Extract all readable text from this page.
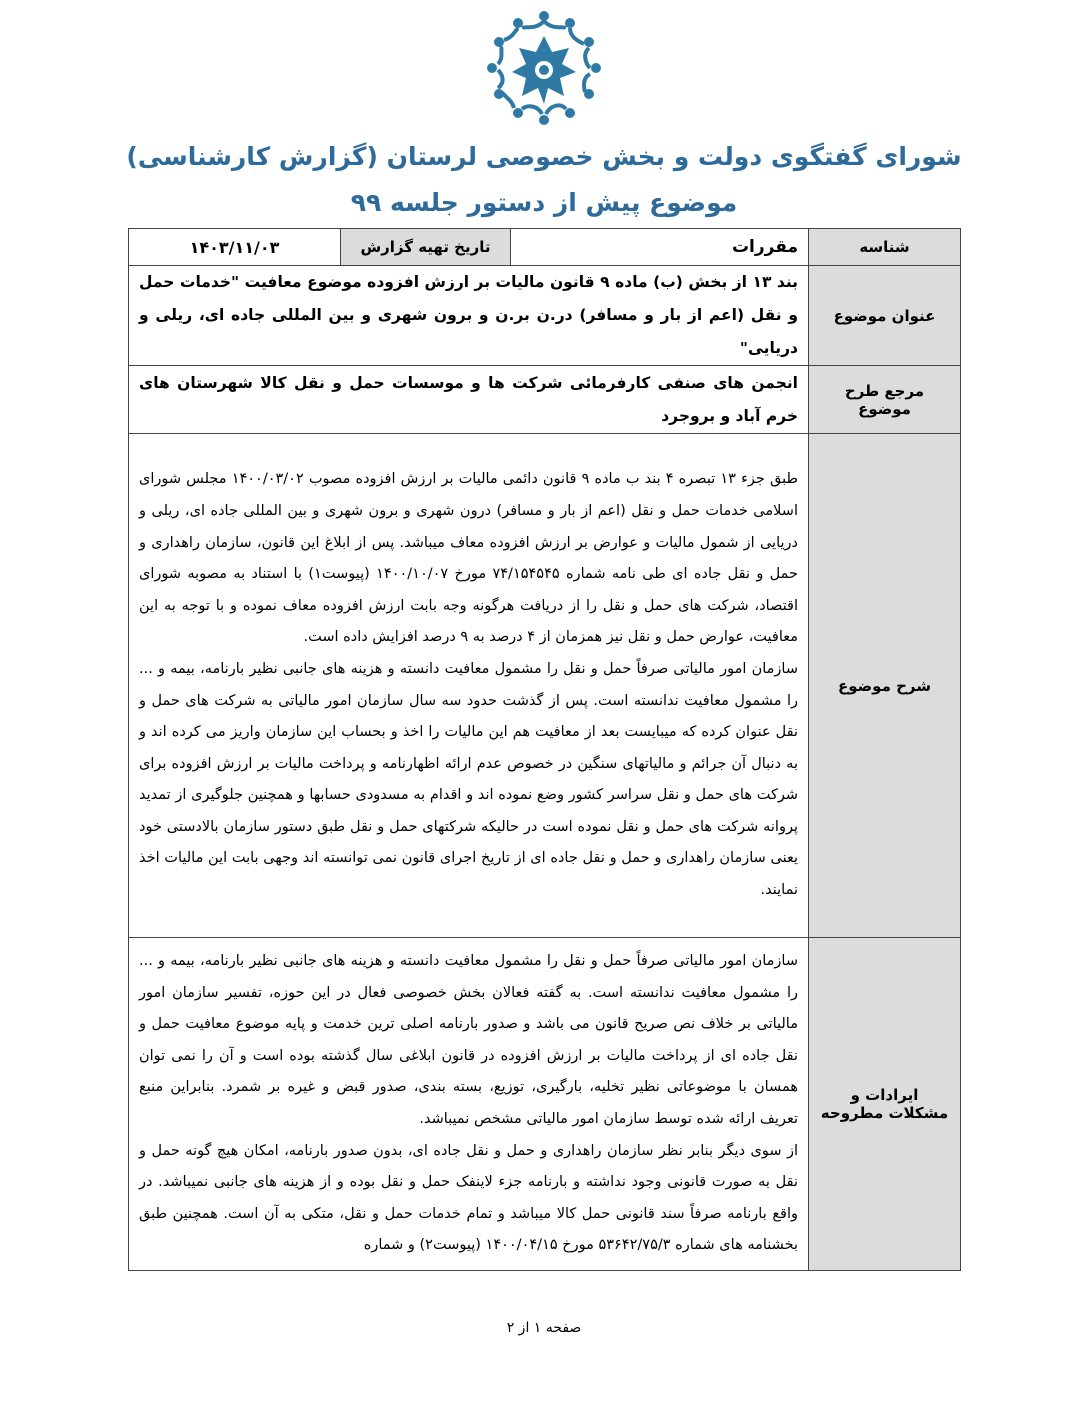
شورای گفتگوی دولت و بخش خصوصی لرستان (گزارش کارشناسی)
موضوع پیش از دستور جلسه ۹۹
شناسه	مقررات	تاریخ تهیه گزارش	۱۴۰۳/۱۱/۰۳
عنوان موضوع	بند ۱۳ از بخش (ب) ماده ۹ قانون مالیات بر ارزش افزوده موضوع معافیت "خدمات حمل و نقل (اعم از بار و مسافر) در.ن بر.ن و برون شهری و بین المللی جاده ای، ریلی و دریایی"		
مرجع طرح موضوع	انجمن های صنفی کارفرمائی شرکت ها و موسسات حمل و نقل کالا شهرستان های خرم آباد و بروجرد		
شرح موضوع	طبق جزء ۱۳ تبصره ۴ بند ب ماده ۹ قانون دائمی مالیات بر ارزش افزوده مصوب ۱۴۰۰/۰۳/۰۲ مجلس شورای اسلامی خدمات حمل و نقل (اعم از بار و مسافر) درون شهری و برون شهری و بین المللی جاده ای، ریلی و دریایی از شمول مالیات و عوارض بر ارزش افزوده معاف میباشد. پس از ابلاغ این قانون، سازمان راهداری و حمل و نقل جاده ای طی نامه شماره ۷۴/۱۵۴۵۴۵ مورخ ۱۴۰۰/۱۰/۰۷ (پیوست۱) با استناد به مصوبه شورای اقتصاد، شرکت های حمل و نقل را از دریافت هرگونه وجه بابت ارزش افزوده معاف نموده و با توجه به این معافیت، عوارض حمل و نقل نیز همزمان از ۴ درصد به ۹ درصد افزایش داده است.

سازمان امور مالیاتی صرفاً حمل و نقل را مشمول معافیت دانسته و هزینه های جانبی نظیر بارنامه، بیمه و ... را مشمول معافیت ندانسته است. پس از گذشت حدود سه سال سازمان امور مالیاتی به شرکت های حمل و نقل عنوان کرده که میبایست بعد از معافیت هم این مالیات را اخذ و بحساب این سازمان واریز می کرده اند و به دنبال آن جرائم و مالیاتهای سنگین در خصوص عدم ارائه اظهارنامه و پرداخت مالیات بر ارزش افزوده برای شرکت های حمل و نقل سراسر کشور وضع نموده اند و اقدام به مسدودی حسابها و همچنین جلوگیری از تمدید پروانه شرکت های حمل و نقل نموده است در حالیکه شرکتهای حمل و نقل طبق دستور سازمان بالادستی خود یعنی سازمان راهداری و حمل و نقل جاده ای از تاریخ اجرای قانون نمی توانسته اند وجهی بابت این مالیات اخذ نمایند.		

ایرادات و مشکلات مطروحه	سازمان امور مالیاتی صرفاً حمل و نقل را مشمول معافیت دانسته و هزینه های جانبی نظیر بارنامه، بیمه و ... را مشمول معافیت ندانسته است. به گفته فعالان بخش خصوصی فعال در این حوزه، تفسیر سازمان امور مالیاتی بر خلاف نص صریح قانون می باشد و صدور بارنامه اصلی ترین خدمت و پایه موضوع معافیت حمل و نقل جاده ای از پرداخت مالیات بر ارزش افزوده در قانون ابلاغی سال گذشته بوده است و آن را نمی توان همسان با موضوعاتی نظیر تخلیه، بارگیری، توزیع، بسته بندی، صدور قبض و غیره بر شمرد. بنابراین منبع تعریف ارائه شده توسط سازمان امور مالیاتی مشخص نمیباشد.

از سوی دیگر بنابر نظر سازمان راهداری و حمل و نقل جاده ای، بدون صدور بارنامه، امکان هیچ گونه حمل و نقل به صورت قانونی وجود نداشته و بارنامه جزء لاینفک حمل و نقل بوده و از هزینه های جانبی نمیباشد. در واقع بارنامه صرفاً سند قانونی حمل کالا میباشد و تمام خدمات حمل و نقل، متکی به آن است. همچنین طبق بخشنامه های شماره ۵۳۶۴۲/۷۵/۳ مورخ ۱۴۰۰/۰۴/۱۵ (پیوست۲) و شماره		

صفحه ۱ از ۲
